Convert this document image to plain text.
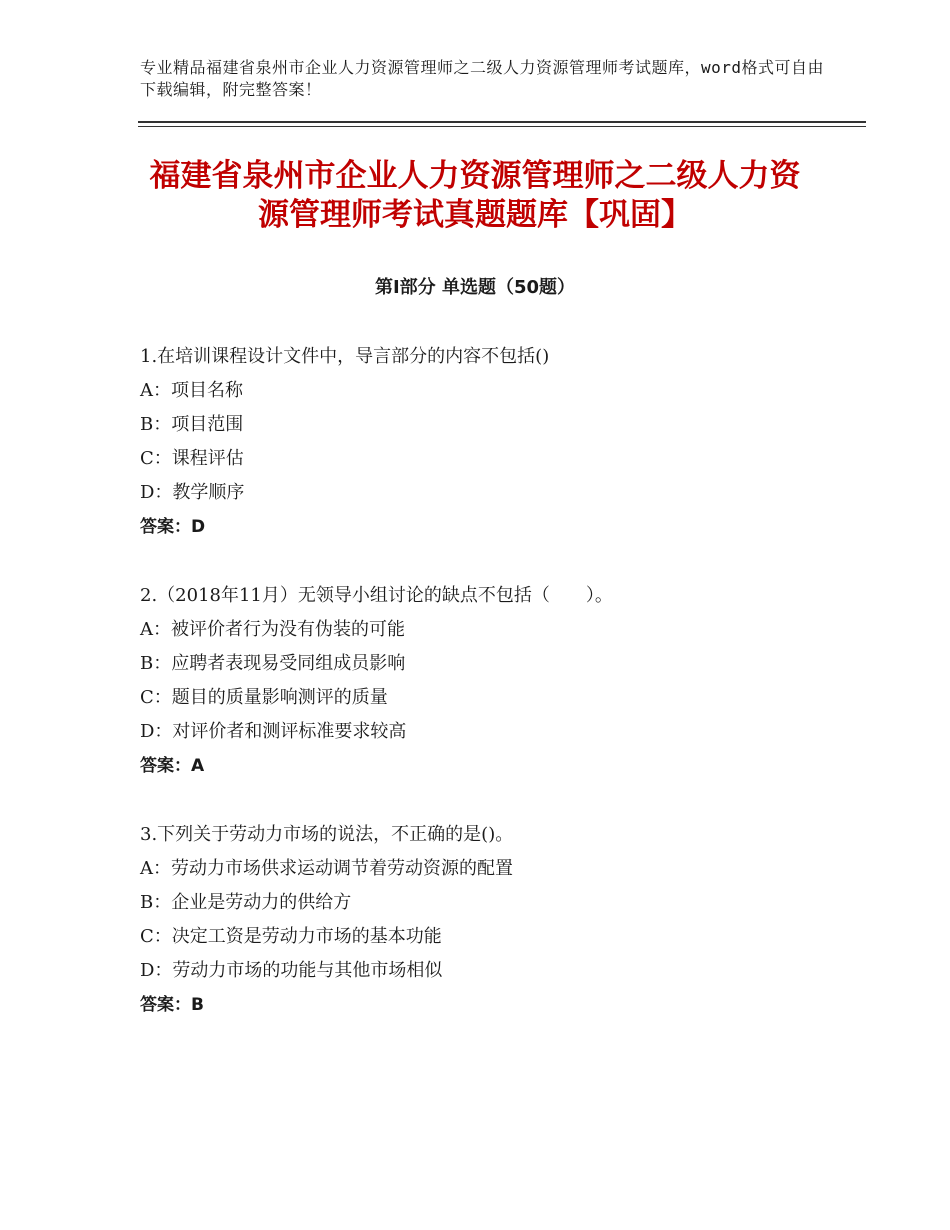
专业精品福建省泉州市企业人力资源管理师之二级人力资源管理师考试题库，word格式可自由下载编辑，附完整答案！
福建省泉州市企业人力资源管理师之二级人力资源管理师考试真题题库【巩固】
第Ⅰ部分 单选题（50题）
1.在培训课程设计文件中，导言部分的内容不包括()
A：项目名称
B：项目范围
C：课程评估
D：教学顺序
答案：D
2.（2018年11月）无领导小组讨论的缺点不包括（　　）。
A：被评价者行为没有伪装的可能
B：应聘者表现易受同组成员影响
C：题目的质量影响测评的质量
D：对评价者和测评标准要求较高
答案：A
3.下列关于劳动力市场的说法，不正确的是()。
A：劳动力市场供求运动调节着劳动资源的配置
B：企业是劳动力的供给方
C：决定工资是劳动力市场的基本功能
D：劳动力市场的功能与其他市场相似
答案：B
